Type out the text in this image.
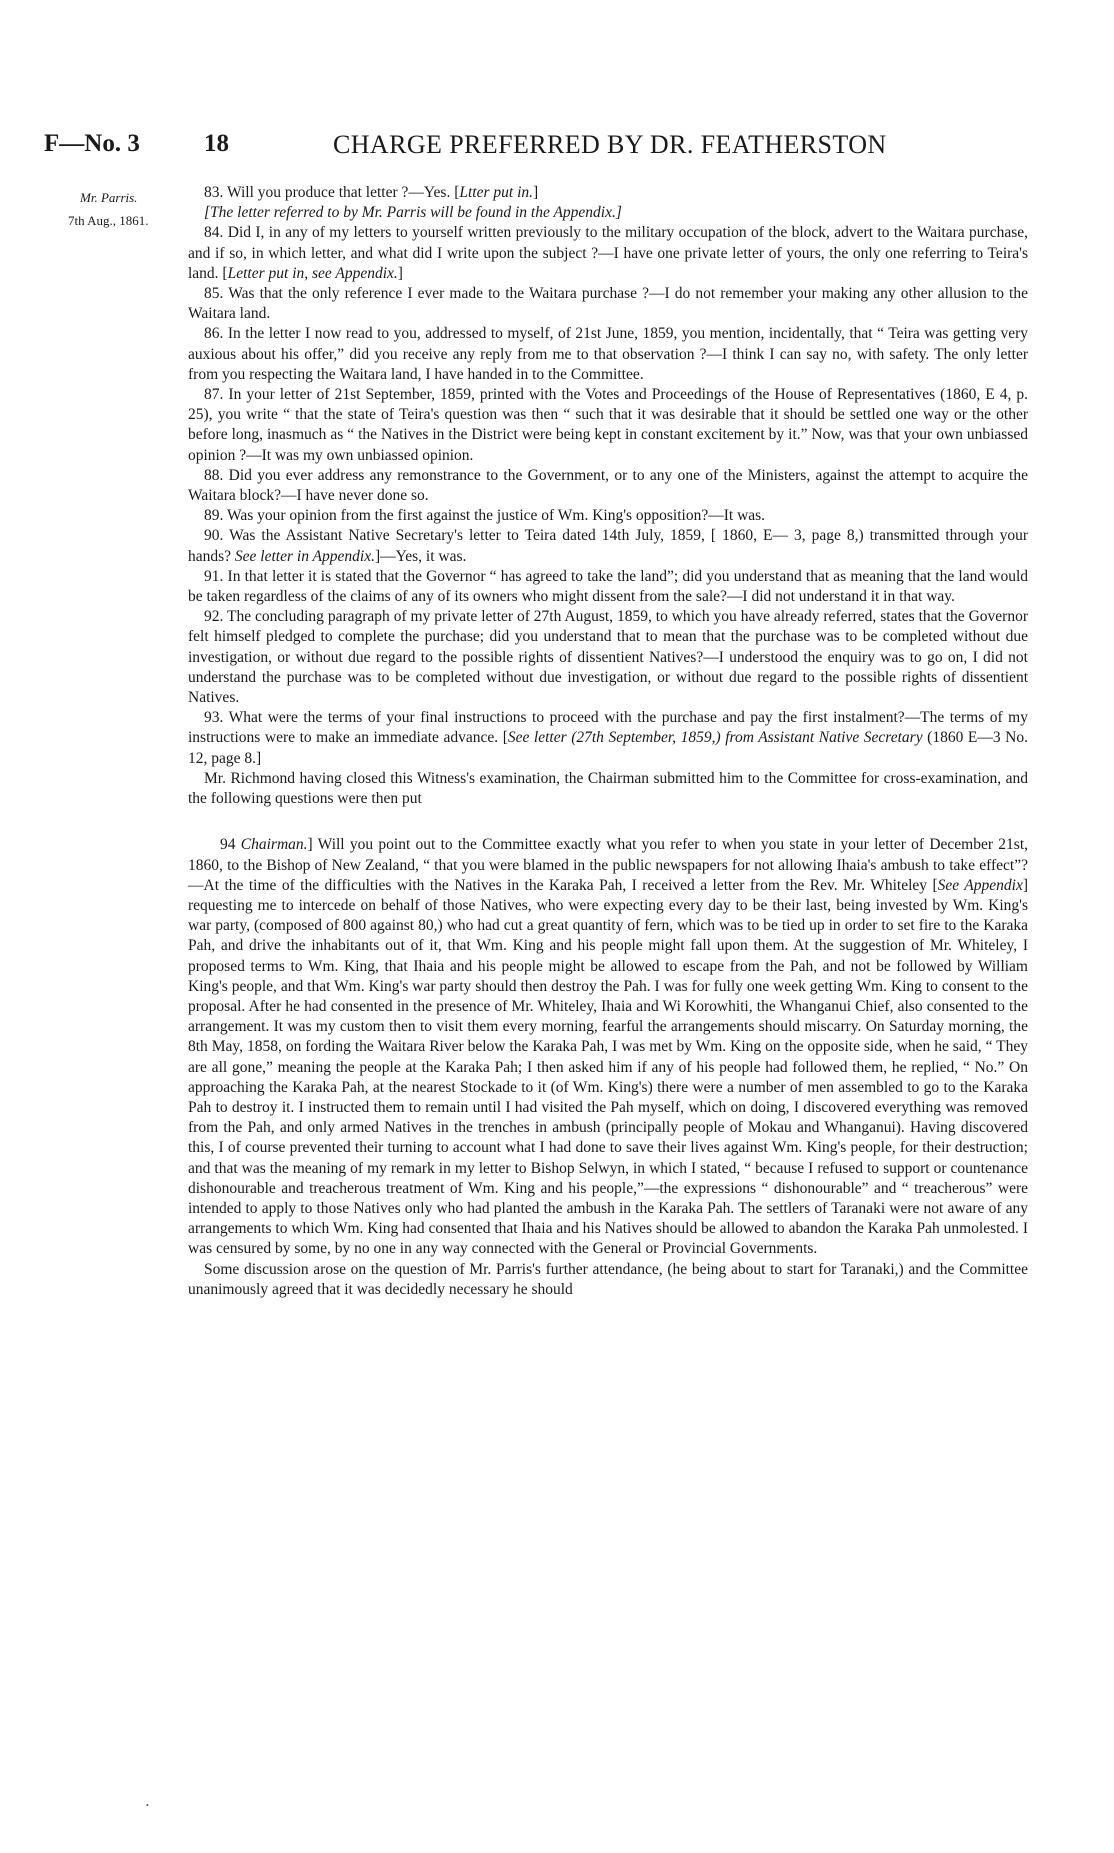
F—No. 3	18	CHARGE PREFERRED BY DR. FEATHERSTON
Mr. Parris.
7th Aug., 1861.

83. Will you produce that letter ?—Yes. [Ltter put in.]

[The letter referred to by Mr. Parris will be found in the Appendix.]

84. Did I, in any of my letters to yourself written previously to the military occupation of the block, advert to the Waitara purchase, and if so, in which letter, and what did I write upon the subject ?—I have one private letter of yours, the only one referring to Teira's land. [Letter put in, see Appendix.]

85. Was that the only reference I ever made to the Waitara purchase ?—I do not remember your making any other allusion to the Waitara land.

86. In the letter I now read to you, addressed to myself, of 21st June, 1859, you mention, incidentally, that “ Teira was getting very auxious about his offer,” did you receive any reply from me to that observation ?—I think I can say no, with safety. The only letter from you respecting the Waitara land, I have handed in to the Committee.

87. In your letter of 21st September, 1859, printed with the Votes and Proceedings of the House of Representatives (1860, E 4, p. 25), you write “ that the state of Teira's question was then “ such that it was desirable that it should be settled one way or the other before long, inasmuch as “ the Natives in the District were being kept in constant excitement by it.” Now, was that your own unbiassed opinion ?—It was my own unbiassed opinion.

88. Did you ever address any remonstrance to the Government, or to any one of the Ministers, against the attempt to acquire the Waitara block?—I have never done so.

89. Was your opinion from the first against the justice of Wm. King's opposition?—It was.

90. Was the Assistant Native Secretary's letter to Teira dated 14th July, 1859, [ 1860, E— 3, page 8,) transmitted through your hands? See letter in Appendix.]—Yes, it was.

91. In that letter it is stated that the Governor “ has agreed to take the land”; did you understand that as meaning that the land would be taken regardless of the claims of any of its owners who might dissent from the sale?—I did not understand it in that way.

92. The concluding paragraph of my private letter of 27th August, 1859, to which you have already referred, states that the Governor felt himself pledged to complete the purchase; did you understand that to mean that the purchase was to be completed without due investigation, or without due regard to the possible rights of dissentient Natives?—I understood the enquiry was to go on, I did not understand the purchase was to be completed without due investigation, or without due regard to the possible rights of dissentient Natives.

93. What were the terms of your final instructions to proceed with the purchase and pay the first instalment?—The terms of my instructions were to make an immediate advance. [See letter (27th September, 1859,) from Assistant Native Secretary (1860 E—3 No. 12, page 8.]

Mr. Richmond having closed this Witness's examination, the Chairman submitted him to the Committee for cross-examination, and the following questions were then put

94 Chairman.] Will you point out to the Committee exactly what you refer to when you state in your letter of December 21st, 1860, to the Bishop of New Zealand, “ that you were blamed in the public newspapers for not allowing Ihaia's ambush to take effect”?—At the time of the difficulties with the Natives in the Karaka Pah, I received a letter from the Rev. Mr. Whiteley [See Appendix] requesting me to intercede on behalf of those Natives, who were expecting every day to be their last, being invested by Wm. King's war party, (composed of 800 against 80,) who had cut a great quantity of fern, which was to be tied up in order to set fire to the Karaka Pah, and drive the inhabitants out of it, that Wm. King and his people might fall upon them. At the suggestion of Mr. Whiteley, I proposed terms to Wm. King, that Ihaia and his people might be allowed to escape from the Pah, and not be followed by William King's people, and that Wm. King's war party should then destroy the Pah. I was for fully one week getting Wm. King to consent to the proposal. After he had consented in the presence of Mr. Whiteley, Ihaia and Wi Korowhiti, the Whanganui Chief, also consented to the arrangement. It was my custom then to visit them every morning, fearful the arrangements should miscarry. On Saturday morning, the 8th May, 1858, on fording the Waitara River below the Karaka Pah, I was met by Wm. King on the opposite side, when he said, “ They are all gone,” meaning the people at the Karaka Pah; I then asked him if any of his people had followed them, he replied, “ No.” On approaching the Karaka Pah, at the nearest Stockade to it (of Wm. King's) there were a number of men assembled to go to the Karaka Pah to destroy it. I instructed them to remain until I had visited the Pah myself, which on doing, I discovered everything was removed from the Pah, and only armed Natives in the trenches in ambush (principally people of Mokau and Whanganui). Having discovered this, I of course prevented their turning to account what I had done to save their lives against Wm. King's people, for their destruction; and that was the meaning of my remark in my letter to Bishop Selwyn, in which I stated, “ because I refused to support or countenance dishonourable and treacherous treatment of Wm. King and his people,”—the expressions “ dishonourable” and “ treacherous” were intended to apply to those Natives only who had planted the ambush in the Karaka Pah. The settlers of Taranaki were not aware of any arrangements to which Wm. King had consented that Ihaia and his Natives should be allowed to abandon the Karaka Pah unmolested. I was censured by some, by no one in any way connected with the General or Provincial Governments.

Some discussion arose on the question of Mr. Parris's further attendance, (he being about to start for Taranaki,) and the Committee unanimously agreed that it was decidedly necessary he should

•
